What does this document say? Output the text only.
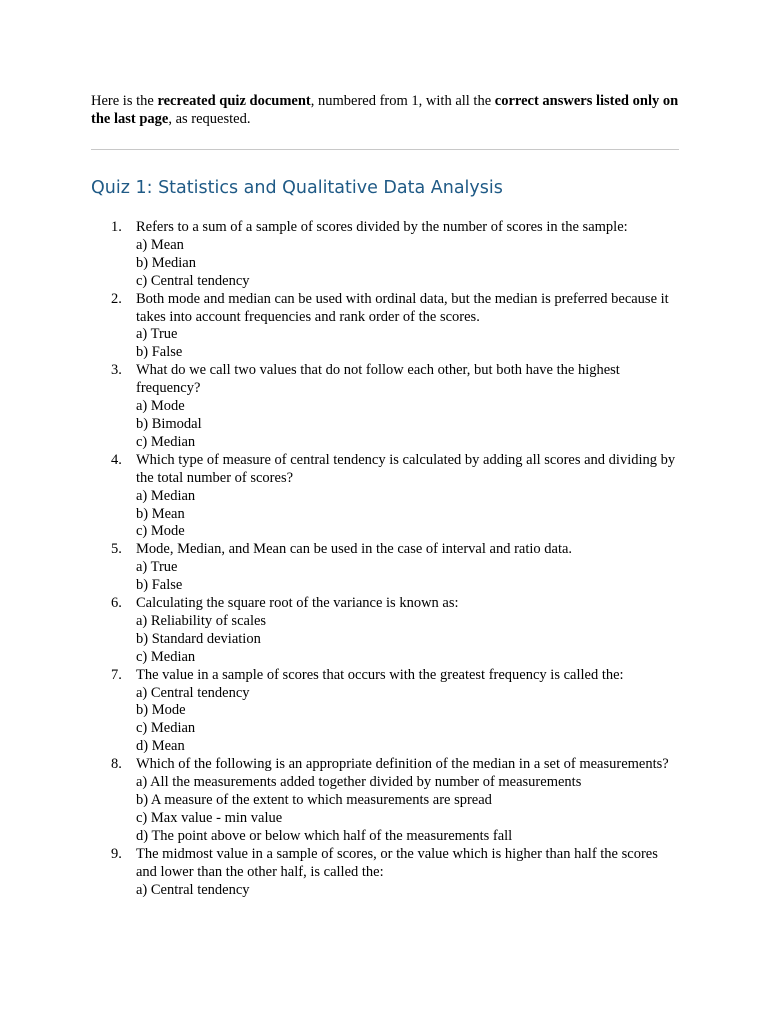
Here is the recreated quiz document, numbered from 1, with all the correct answers listed only on the last page, as requested.

Quiz 1: Statistics and Qualitative Data Analysis
1. Refers to a sum of a sample of scores divided by the number of scores in the sample:
a) Mean
b) Median
c) Central tendency
2. Both mode and median can be used with ordinal data, but the median is preferred because it takes into account frequencies and rank order of the scores.
a) True
b) False
3. What do we call two values that do not follow each other, but both have the highest frequency?
a) Mode
b) Bimodal
c) Median
4. Which type of measure of central tendency is calculated by adding all scores and dividing by the total number of scores?
a) Median
b) Mean
c) Mode
5. Mode, Median, and Mean can be used in the case of interval and ratio data.
a) True
b) False
6. Calculating the square root of the variance is known as:
a) Reliability of scales
b) Standard deviation
c) Median
7. The value in a sample of scores that occurs with the greatest frequency is called the:
a) Central tendency
b) Mode
c) Median
d) Mean
8. Which of the following is an appropriate definition of the median in a set of measurements?
a) All the measurements added together divided by number of measurements
b) A measure of the extent to which measurements are spread
c) Max value - min value
d) The point above or below which half of the measurements fall
9. The midmost value in a sample of scores, or the value which is higher than half the scores and lower than the other half, is called the:
a) Central tendency
